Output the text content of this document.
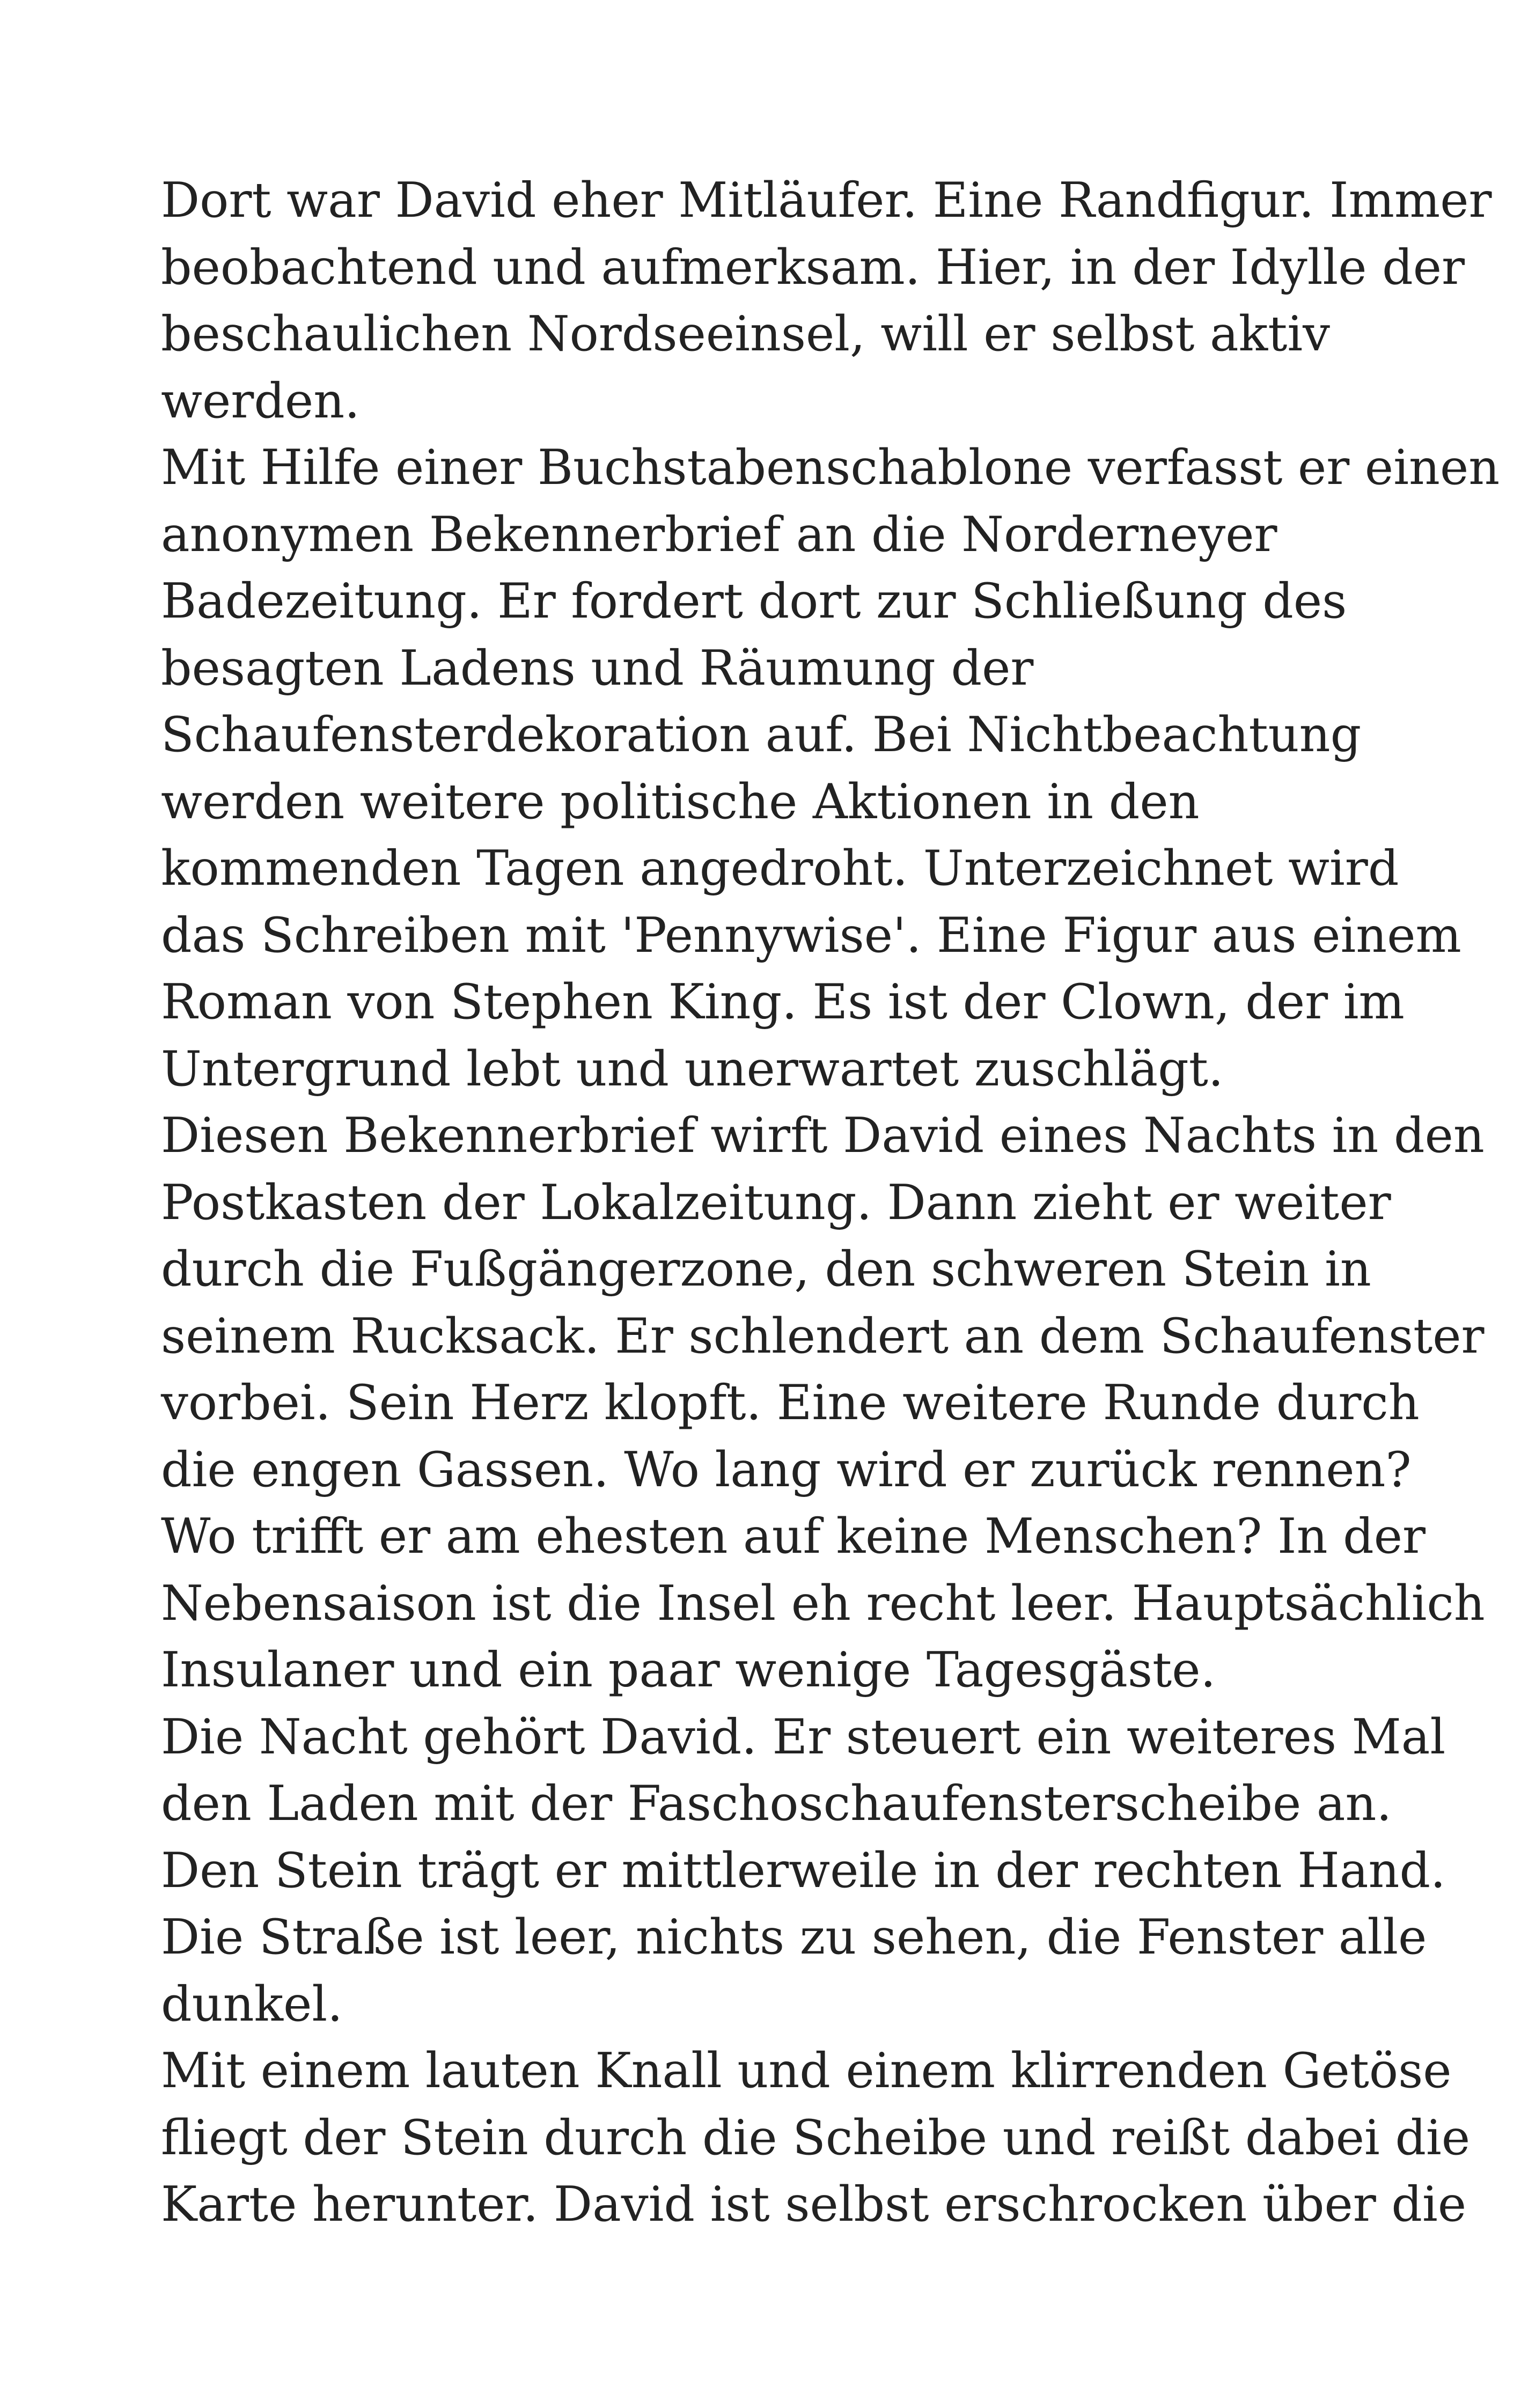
Dort war David eher Mitläufer. Eine Randfigur. Immer
beobachtend und aufmerksam. Hier, in der Idylle der
beschaulichen Nordseeinsel, will er selbst aktiv
werden.
Mit Hilfe einer Buchstabenschablone verfasst er einen
anonymen Bekennerbrief an die Norderneyer
Badezeitung. Er fordert dort zur Schließung des
besagten Ladens und Räumung der
Schaufensterdekoration auf. Bei Nichtbeachtung
werden weitere politische Aktionen in den
kommenden Tagen angedroht. Unterzeichnet wird
das Schreiben mit 'Pennywise'. Eine Figur aus einem
Roman von Stephen King. Es ist der Clown, der im
Untergrund lebt und unerwartet zuschlägt.
Diesen Bekennerbrief wirft David eines Nachts in den
Postkasten der Lokalzeitung. Dann zieht er weiter
durch die Fußgängerzone, den schweren Stein in
seinem Rucksack. Er schlendert an dem Schaufenster
vorbei. Sein Herz klopft. Eine weitere Runde durch
die engen Gassen. Wo lang wird er zurück rennen?
Wo trifft er am ehesten auf keine Menschen? In der
Nebensaison ist die Insel eh recht leer. Hauptsächlich
Insulaner und ein paar wenige Tagesgäste.
Die Nacht gehört David. Er steuert ein weiteres Mal
den Laden mit der Faschoschaufensterscheibe an.
Den Stein trägt er mittlerweile in der rechten Hand.
Die Straße ist leer, nichts zu sehen, die Fenster alle
dunkel.
Mit einem lauten Knall und einem klirrenden Getöse
fliegt der Stein durch die Scheibe und reißt dabei die
Karte herunter. David ist selbst erschrocken über die
